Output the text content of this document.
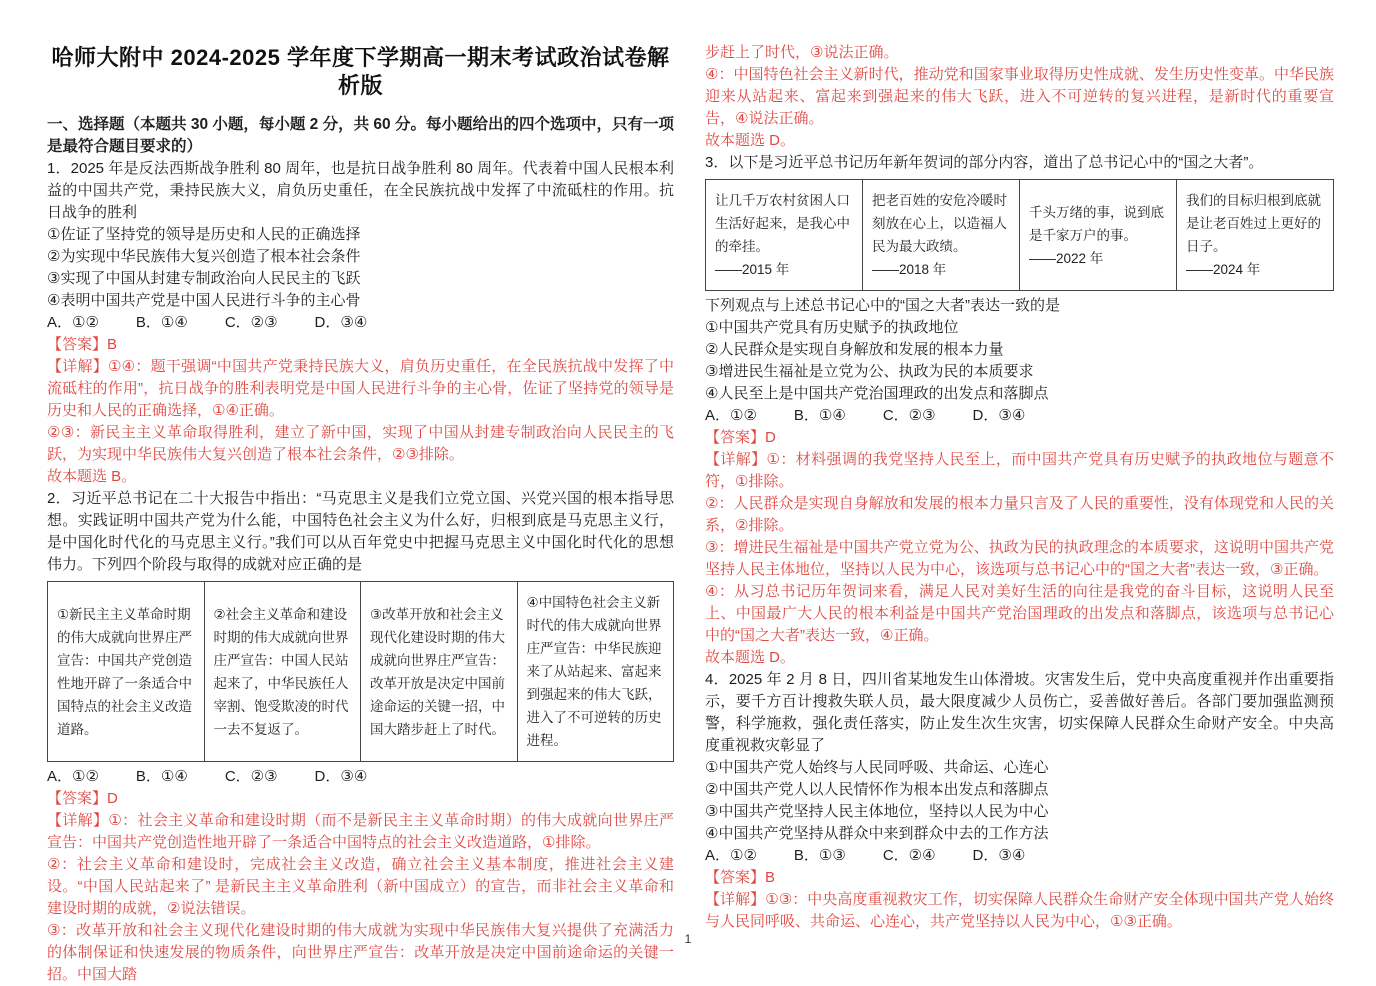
哈师大附中 2024-2025 学年度下学期高一期末考试政治试卷解析版
一、选择题（本题共 30 小题，每小题 2 分，共 60 分。每小题给出的四个选项中，只有一项是最符合题目要求的）
1．2025 年是反法西斯战争胜利 80 周年，也是抗日战争胜利 80 周年。代表着中国人民根本利益的中国共产党，秉持民族大义，肩负历史重任，在全民族抗战中发挥了中流砥柱的作用。抗日战争的胜利
①佐证了坚持党的领导是历史和人民的正确选择
②为实现中华民族伟大复兴创造了根本社会条件
③实现了中国从封建专制政治向人民民主的飞跃
④表明中国共产党是中国人民进行斗争的主心骨
A．①② B．①④ C．②③ D．③④
【答案】B
【详解】①④：题干强调“中国共产党秉持民族大义，肩负历史重任，在全民族抗战中发挥了中流砥柱的作用”，抗日战争的胜利表明党是中国人民进行斗争的主心骨，佐证了坚持党的领导是历史和人民的正确选择，①④正确。
②③：新民主主义革命取得胜利，建立了新中国，实现了中国从封建专制政治向人民民主的飞跃，为实现中华民族伟大复兴创造了根本社会条件，②③排除。
故本题选 B。
2．习近平总书记在二十大报告中指出：“马克思主义是我们立党立国、兴党兴国的根本指导思想。实践证明中国共产党为什么能，中国特色社会主义为什么好，归根到底是马克思主义行，是中国化时代化的马克思主义行。”我们可以从百年党史中把握马克思主义中国化时代化的思想伟力。下列四个阶段与取得的成就对应正确的是
①新民主主义革命时期的伟大成就向世界庄严宣告：中国共产党创造性地开辟了一条适合中国特点的社会主义改造道路。

②社会主义革命和建设时期的伟大成就向世界庄严宣告：中国人民站起来了，中华民族任人宰割、饱受欺凌的时代一去不复返了。

③改革开放和社会主义现代化建设时期的伟大成就向世界庄严宣告：改革开放是决定中国前途命运的关键一招，中国大踏步赶上了时代。

④中国特色社会主义新时代的伟大成就向世界庄严宣告：中华民族迎来了从站起来、富起来到强起来的伟大飞跃，进入了不可逆转的历史进程。
A．①② B．①④ C．②③ D．③④
【答案】D
【详解】①：社会主义革命和建设时期（而不是新民主主义革命时期）的伟大成就向世界庄严宣告：中国共产党创造性地开辟了一条适合中国特点的社会主义改造道路，①排除。
②：社会主义革命和建设时，完成社会主义改造，确立社会主义基本制度，推进社会主义建设。“中国人民站起来了” 是新民主主义革命胜利（新中国成立）的宣告，而非社会主义革命和建设时期的成就，②说法错误。
③：改革开放和社会主义现代化建设时期的伟大成就为实现中华民族伟大复兴提供了充满活力的体制保证和快速发展的物质条件，向世界庄严宣告：改革开放是决定中国前途命运的关键一招。中国大踏
步赶上了时代，③说法正确。
④：中国特色社会主义新时代，推动党和国家事业取得历史性成就、发生历史性变革。中华民族迎来从站起来、富起来到强起来的伟大飞跃，进入不可逆转的复兴进程，是新时代的重要宣告，④说法正确。
故本题选 D。
3．以下是习近平总书记历年新年贺词的部分内容，道出了总书记心中的“国之大者”。
让几千万农村贫困人口生活好起来，是我心中的牵挂。
——2015 年

把老百姓的安危冷暖时刻放在心上，以造福人民为最大政绩。
——2018 年

千头万绪的事，说到底是千家万户的事。
——2022 年

我们的目标归根到底就是让老百姓过上更好的日子。
——2024 年
下列观点与上述总书记心中的“国之大者”表达一致的是
①中国共产党具有历史赋予的执政地位
②人民群众是实现自身解放和发展的根本力量
③增进民生福祉是立党为公、执政为民的本质要求
④人民至上是中国共产党治国理政的出发点和落脚点
A．①② B．①④ C．②③ D．③④
【答案】D
【详解】①：材料强调的我党坚持人民至上，而中国共产党具有历史赋予的执政地位与题意不符，①排除。
②：人民群众是实现自身解放和发展的根本力量只言及了人民的重要性，没有体现党和人民的关系，②排除。
③：增进民生福祉是中国共产党立党为公、执政为民的执政理念的本质要求，这说明中国共产党坚持人民主体地位，坚持以人民为中心，该选项与总书记心中的“国之大者”表达一致，③正确。
④：从习总书记历年贺词来看，满足人民对美好生活的向往是我党的奋斗目标，这说明人民至上、中国最广大人民的根本利益是中国共产党治国理政的出发点和落脚点，该选项与总书记心中的“国之大者”表达一致，④正确。
故本题选 D。
4．2025 年 2 月 8 日，四川省某地发生山体滑坡。灾害发生后，党中央高度重视并作出重要指示，要千方百计搜救失联人员，最大限度减少人员伤亡，妥善做好善后。各部门要加强监测预警，科学施救，强化责任落实，防止发生次生灾害，切实保障人民群众生命财产安全。中央高度重视救灾彰显了
①中国共产党人始终与人民同呼吸、共命运、心连心
②中国共产党人以人民情怀作为根本出发点和落脚点
③中国共产党坚持人民主体地位，坚持以人民为中心
④中国共产党坚持从群众中来到群众中去的工作方法
A．①② B．①③ C．②④ D．③④
【答案】B
【详解】①③：中央高度重视救灾工作，切实保障人民群众生命财产安全体现中国共产党人始终与人民同呼吸、共命运、心连心，共产党坚持以人民为中心，①③正确。
1
